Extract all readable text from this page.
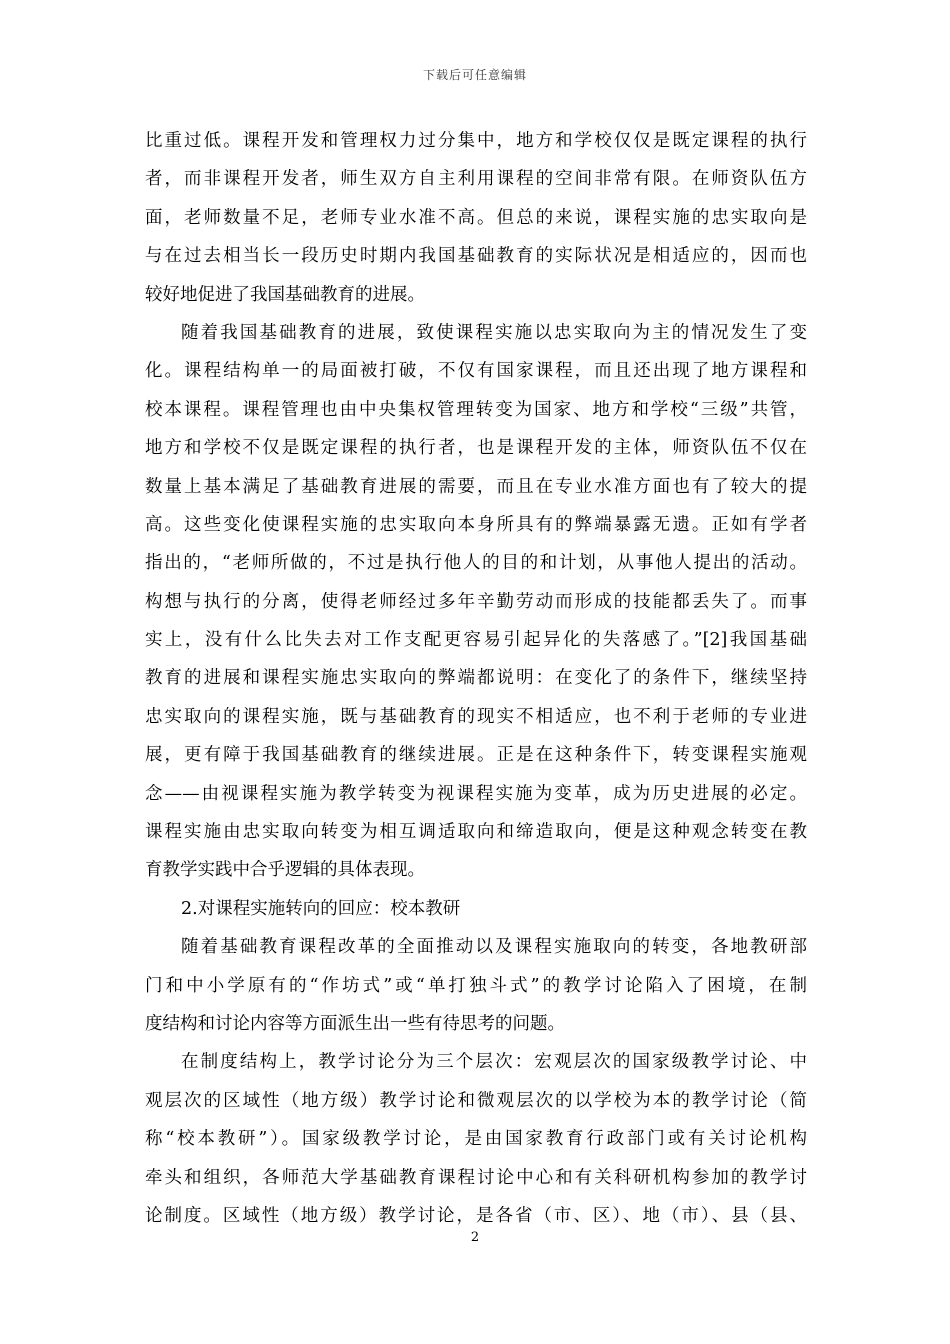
下载后可任意编辑
比重过低。课程开发和管理权力过分集中，地方和学校仅仅是既定课程的执行
者，而非课程开发者，师生双方自主利用课程的空间非常有限。在师资队伍方
面，老师数量不足，老师专业水准不高。但总的来说，课程实施的忠实取向是
与在过去相当长一段历史时期内我国基础教育的实际状况是相适应的，因而也
较好地促进了我国基础教育的进展。
随着我国基础教育的进展，致使课程实施以忠实取向为主的情况发生了变
化。课程结构单一的局面被打破，不仅有国家课程，而且还出现了地方课程和
校本课程。课程管理也由中央集权管理转变为国家、地方和学校“三级”共管，
地方和学校不仅是既定课程的执行者，也是课程开发的主体，师资队伍不仅在
数量上基本满足了基础教育进展的需要，而且在专业水准方面也有了较大的提
高。这些变化使课程实施的忠实取向本身所具有的弊端暴露无遗。正如有学者
指出的，“老师所做的，不过是执行他人的目的和计划，从事他人提出的活动。
构想与执行的分离，使得老师经过多年辛勤劳动而形成的技能都丢失了。而事
实上，没有什么比失去对工作支配更容易引起异化的失落感了。”[2]我国基础
教育的进展和课程实施忠实取向的弊端都说明：在变化了的条件下，继续坚持
忠实取向的课程实施，既与基础教育的现实不相适应，也不利于老师的专业进
展，更有障于我国基础教育的继续进展。正是在这种条件下，转变课程实施观
念——由视课程实施为教学转变为视课程实施为变革，成为历史进展的必定。
课程实施由忠实取向转变为相互调适取向和缔造取向，便是这种观念转变在教
育教学实践中合乎逻辑的具体表现。
2.对课程实施转向的回应：校本教研
随着基础教育课程改革的全面推动以及课程实施取向的转变，各地教研部
门和中小学原有的“作坊式”或“单打独斗式”的教学讨论陷入了困境，在制
度结构和讨论内容等方面派生出一些有待思考的问题。
在制度结构上，教学讨论分为三个层次：宏观层次的国家级教学讨论、中
观层次的区域性（地方级）教学讨论和微观层次的以学校为本的教学讨论（简
称“校本教研”）。国家级教学讨论，是由国家教育行政部门或有关讨论机构
牵头和组织，各师范大学基础教育课程讨论中心和有关科研机构参加的教学讨
论制度。区域性（地方级）教学讨论，是各省（市、区）、地（市）、县（县、
2
